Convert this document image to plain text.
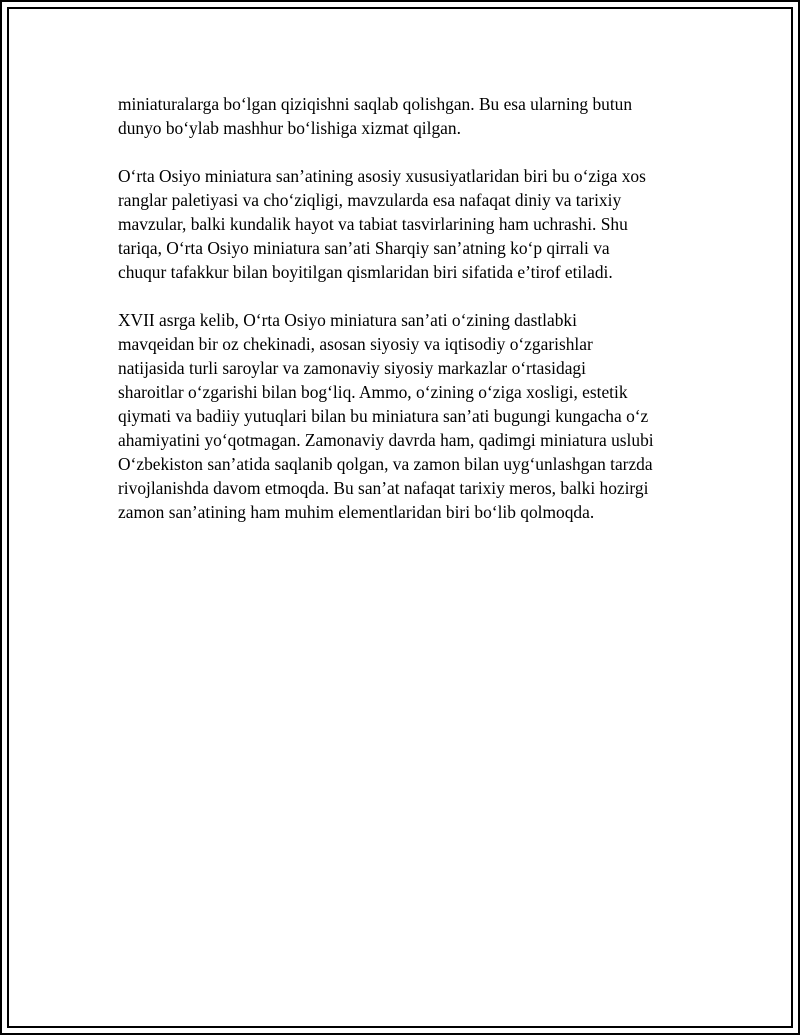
miniaturalarga bo‘lgan qiziqishni saqlab qolishgan. Bu esa ularning butun
dunyo bo‘ylab mashhur bo‘lishiga xizmat qilgan.

O‘rta Osiyo miniatura san’atining asosiy xususiyatlaridan biri bu o‘ziga xos
ranglar paletiyasi va cho‘ziqligi, mavzularda esa nafaqat diniy va tarixiy
mavzular, balki kundalik hayot va tabiat tasvirlarining ham uchrashi. Shu
tariqa, O‘rta Osiyo miniatura san’ati Sharqiy san’atning ko‘p qirrali va
chuqur tafakkur bilan boyitilgan qismlaridan biri sifatida e’tirof etiladi.

XVII asrga kelib, O‘rta Osiyo miniatura san’ati o‘zining dastlabki
mavqeidan bir oz chekinadi, asosan siyosiy va iqtisodiy o‘zgarishlar
natijasida turli saroylar va zamonaviy siyosiy markazlar o‘rtasidagi
sharoitlar o‘zgarishi bilan bog‘liq. Ammo, o‘zining o‘ziga xosligi, estetik
qiymati va badiiy yutuqlari bilan bu miniatura san’ati bugungi kungacha o‘z
ahamiyatini yo‘qotmagan. Zamonaviy davrda ham, qadimgi miniatura uslubi
O‘zbekiston san’atida saqlanib qolgan, va zamon bilan uyg‘unlashgan tarzda
rivojlanishda davom etmoqda. Bu san’at nafaqat tarixiy meros, balki hozirgi
zamon san’atining ham muhim elementlaridan biri bo‘lib qolmoqda.
